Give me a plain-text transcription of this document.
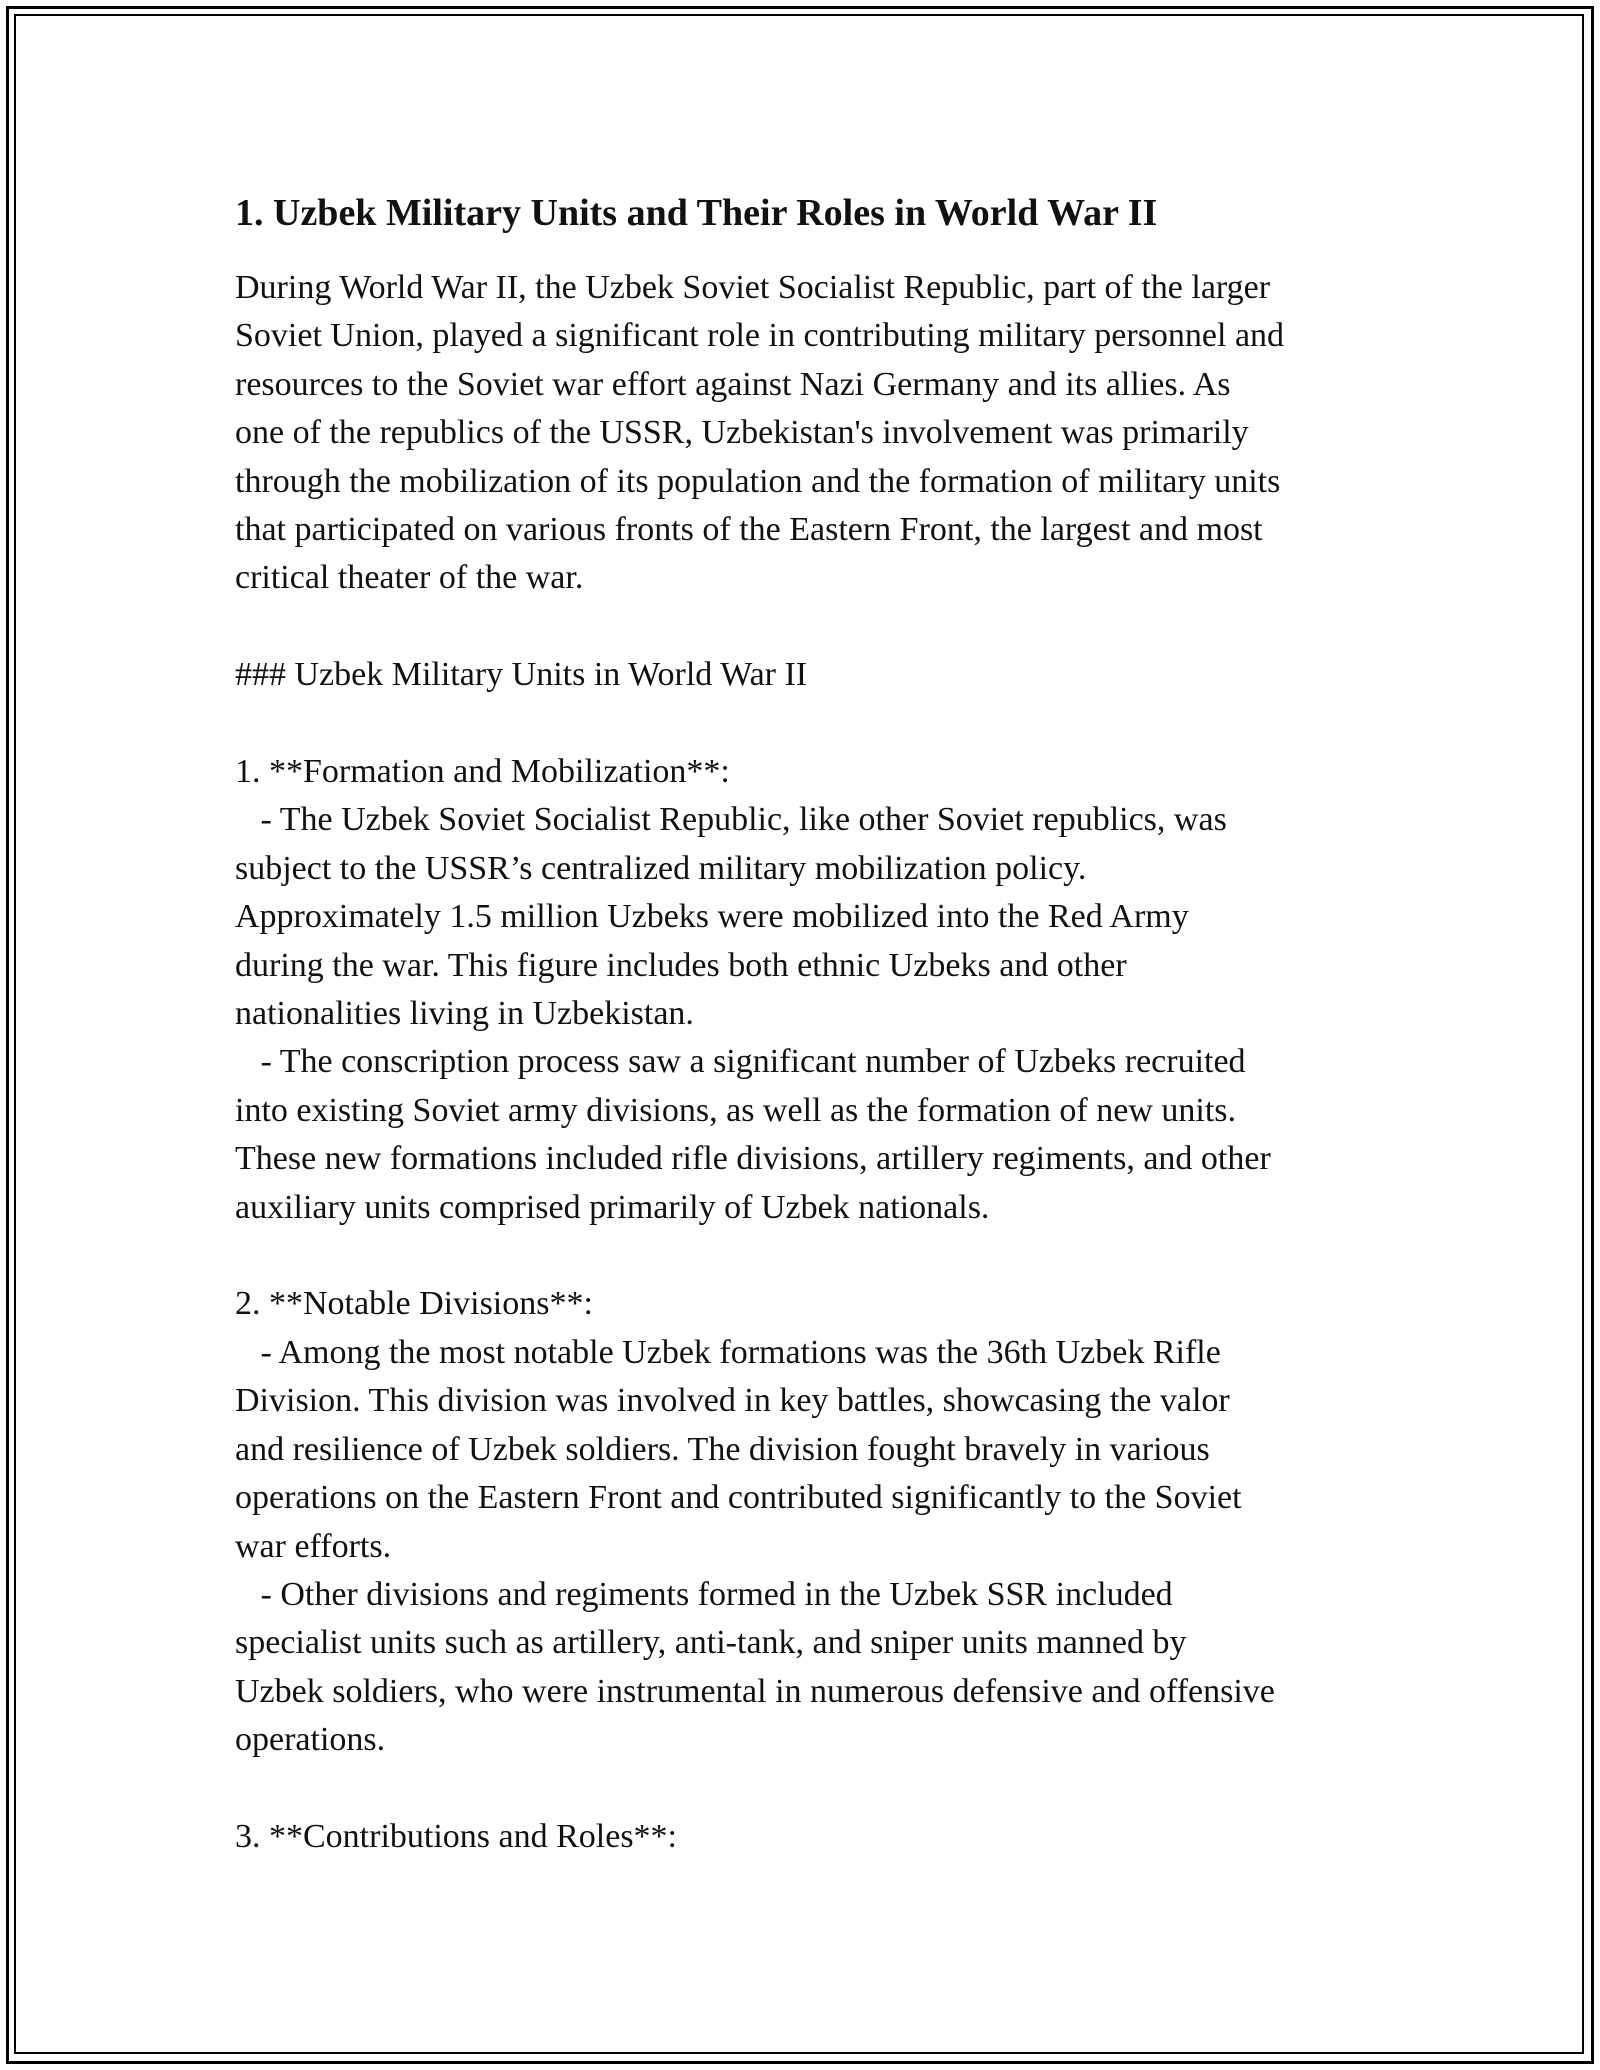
1. Uzbek Military Units and Their Roles in World War II
During World War II, the Uzbek Soviet Socialist Republic, part of the larger
Soviet Union, played a significant role in contributing military personnel and
resources to the Soviet war effort against Nazi Germany and its allies. As
one of the republics of the USSR, Uzbekistan's involvement was primarily
through the mobilization of its population and the formation of military units
that participated on various fronts of the Eastern Front, the largest and most
critical theater of the war.
### Uzbek Military Units in World War II
1. **Formation and Mobilization**:
- The Uzbek Soviet Socialist Republic, like other Soviet republics, was
subject to the USSR’s centralized military mobilization policy.
Approximately 1.5 million Uzbeks were mobilized into the Red Army
during the war. This figure includes both ethnic Uzbeks and other
nationalities living in Uzbekistan.
- The conscription process saw a significant number of Uzbeks recruited
into existing Soviet army divisions, as well as the formation of new units.
These new formations included rifle divisions, artillery regiments, and other
auxiliary units comprised primarily of Uzbek nationals.
2. **Notable Divisions**:
- Among the most notable Uzbek formations was the 36th Uzbek Rifle
Division. This division was involved in key battles, showcasing the valor
and resilience of Uzbek soldiers. The division fought bravely in various
operations on the Eastern Front and contributed significantly to the Soviet
war efforts.
- Other divisions and regiments formed in the Uzbek SSR included
specialist units such as artillery, anti-tank, and sniper units manned by
Uzbek soldiers, who were instrumental in numerous defensive and offensive
operations.
3. **Contributions and Roles**:
